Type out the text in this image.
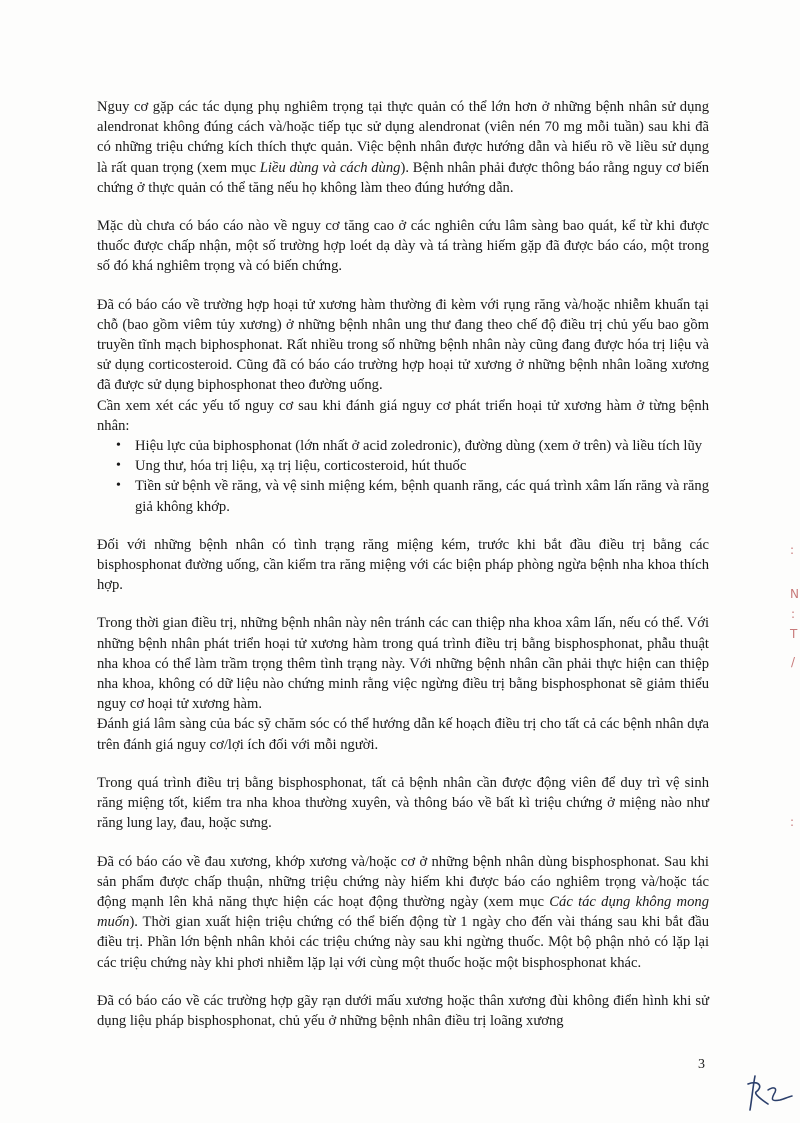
Nguy cơ gặp các tác dụng phụ nghiêm trọng tại thực quản có thể lớn hơn ở những bệnh nhân sử dụng alendronat không đúng cách và/hoặc tiếp tục sử dụng alendronat (viên nén 70 mg mỗi tuần) sau khi đã có những triệu chứng kích thích thực quản. Việc bệnh nhân được hướng dẫn và hiểu rõ về liều sử dụng là rất quan trọng (xem mục Liều dùng và cách dùng). Bệnh nhân phải được thông báo rằng nguy cơ biến chứng ở thực quản có thể tăng nếu họ không làm theo đúng hướng dẫn.

Mặc dù chưa có báo cáo nào về nguy cơ tăng cao ở các nghiên cứu lâm sàng bao quát, kể từ khi được thuốc được chấp nhận, một số trường hợp loét dạ dày và tá tràng hiếm gặp đã được báo cáo, một trong số đó khá nghiêm trọng và có biến chứng.

Đã có báo cáo về trường hợp hoại tử xương hàm thường đi kèm với rụng răng và/hoặc nhiễm khuẩn tại chỗ (bao gồm viêm tủy xương) ở những bệnh nhân ung thư đang theo chế độ điều trị chủ yếu bao gồm truyền tĩnh mạch biphosphonat. Rất nhiều trong số những bệnh nhân này cũng đang được hóa trị liệu và sử dụng corticosteroid. Cũng đã có báo cáo trường hợp hoại tử xương ở những bệnh nhân loãng xương đã được sử dụng biphosphonat theo đường uống.

Cần xem xét các yếu tố nguy cơ sau khi đánh giá nguy cơ phát triển hoại tử xương hàm ở từng bệnh nhân:

• Hiệu lực của biphosphonat (lớn nhất ở acid zoledronic), đường dùng (xem ở trên) và liều tích lũy
• Ung thư, hóa trị liệu, xạ trị liệu, corticosteroid, hút thuốc
• Tiền sử bệnh về răng, và vệ sinh miệng kém, bệnh quanh răng, các quá trình xâm lấn răng và răng giả không khớp.

Đối với những bệnh nhân có tình trạng răng miệng kém, trước khi bắt đầu điều trị bằng các bisphosphonat đường uống, cần kiểm tra răng miệng với các biện pháp phòng ngừa bệnh nha khoa thích hợp.

Trong thời gian điều trị, những bệnh nhân này nên tránh các can thiệp nha khoa xâm lấn, nếu có thể. Với những bệnh nhân phát triển hoại tử xương hàm trong quá trình điều trị bằng bisphosphonat, phẫu thuật nha khoa có thể làm trầm trọng thêm tình trạng này. Với những bệnh nhân cần phải thực hiện can thiệp nha khoa, không có dữ liệu nào chứng minh rằng việc ngừng điều trị bằng bisphosphonat sẽ giảm thiểu nguy cơ hoại tử xương hàm.

Đánh giá lâm sàng của bác sỹ chăm sóc có thể hướng dẫn kế hoạch điều trị cho tất cả các bệnh nhân dựa trên đánh giá nguy cơ/lợi ích đối với mỗi người.

Trong quá trình điều trị bằng bisphosphonat, tất cả bệnh nhân cần được động viên để duy trì vệ sinh răng miệng tốt, kiểm tra nha khoa thường xuyên, và thông báo về bất kì triệu chứng ở miệng nào như răng lung lay, đau, hoặc sưng.

Đã có báo cáo về đau xương, khớp xương và/hoặc cơ ở những bệnh nhân dùng bisphosphonat. Sau khi sản phẩm được chấp thuận, những triệu chứng này hiếm khi được báo cáo nghiêm trọng và/hoặc tác động mạnh lên khả năng thực hiện các hoạt động thường ngày (xem mục Các tác dụng không mong muốn). Thời gian xuất hiện triệu chứng có thể biến động từ 1 ngày cho đến vài tháng sau khi bắt đầu điều trị. Phần lớn bệnh nhân khỏi các triệu chứng này sau khi ngừng thuốc. Một bộ phận nhỏ có lặp lại các triệu chứng này khi phơi nhiễm lặp lại với cùng một thuốc hoặc một bisphosphonat khác.

Đã có báo cáo về các trường hợp gãy rạn dưới mấu xương hoặc thân xương đùi không điển hình khi sử dụng liệu pháp bisphosphonat, chủ yếu ở những bệnh nhân điều trị loãng xương

:
N
:
T
/
:
3
